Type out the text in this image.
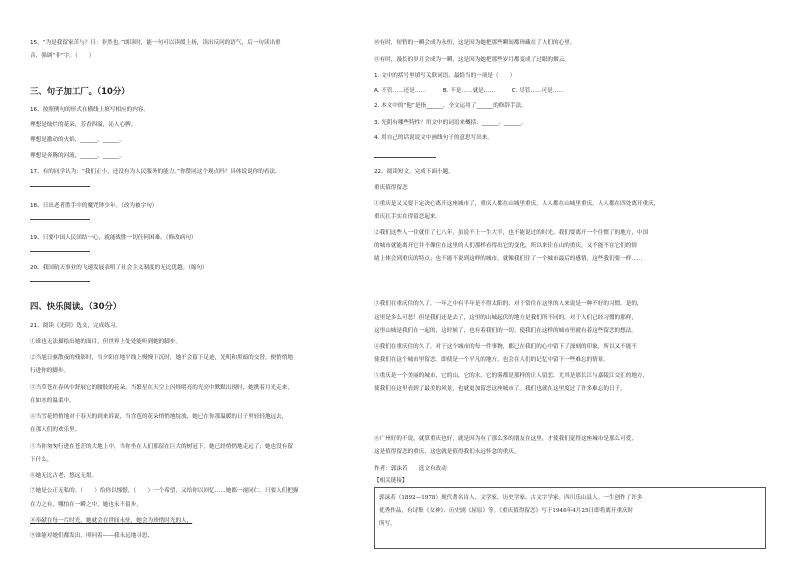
15、“为是我留家苦与？日：非然也。”朗读时，能一句可以读缓上扬，读出反问的语气，后一句读出重
音，强调“非”字。（　　）
三、句子加工厂。（10分）
16、按照例句的形式在横线上填写相应的内容。
理想是灿烂的花朵，芳香四溢，沁人心脾。
理想是激动的火焰，______，______。
理想是奔腾的河流，______，______。
17、有的同学认为：“我们正小，还没有为人民服务的能力。”你赞同这个观点吗？具体说说你的看法。
18、日出老者胜手中的魔咒钟少年。（改为被字句）
19、只要中国人民团结一心，就能战胜一切任何困难。（修改病句）
20、我国航天事业的飞速发展表明了社会主义制度的无比优越。（缩句）
四、快乐阅读。（30分）
21、阅读《光阴》选文，完成练习。
①谁也无法描绘出她的面目，但世界上处处能听到她的脚步。
②当旭日驱散夜的残影时，当夕阳在地平线上慢慢下沉时，她不会留下足迹，光明和黑暗的交替，便悄悄地
行进你的脚步。
③当草苍在春风中舒展它的腰肢的花朵，当繁星在天空上闪烁明亮的光亮中默默出现时，她携着月光走来，
在如水的温柔中，
④当雪花悄悄地对于春天的到来诉说，当含苞的花朵悄悄地绽放，她已在你那温暖的日子里轻轻地远去，
在那人们的欢乐里。
⑤当你匆匆行进在苍茫的大地上中，当你坐在人们那留在巨大的树冠下，她已经悄悄地走远了；她也没有留
下什么。
⑥她无比古老，悠远无垠。
⑦她是公正无私的。（　　）给你以憧憬，（　　）一个希望，又给你以回忆……她都一视同仁。只要人们把握
在力之有，哪怕在一瞬之中，她也永不留步，
⑧奉献在每一片时光，她就会在世间永驻，她会为珍惜时光的人，
⑨谁能对她们都发出，叩问着——我永远地寻思，
⑩有时，短暂的一瞬会成为永恒，这是因为她把那些瞬间都珍藏在了人们的心里。
⑪有时，漫长的岁月会成为一瞬，这是因为她把那些岁月都变成了过眼的烟云。
1. 文中的括号里填写关联词语，最恰当的一项是（　　）
A. 不管……还是……　　　B. 不是……就是……　　　C. 尽管……可是……
2. 本文中的“他”是指______，全文运用了______的修辞手法。
3. 光阴有哪些特性？用文中的词语来概括：______、______。
4. 用自己的话说说文中画线句子的意思写出来。
22、阅读短文，完成下面小题。
重庆值得留恋
①重庆是又又要下定决心离开这座城市了，重庆人都在山城里重庆，人人都在山城里重庆，人人都在四处离开重庆，
重庆扛手实在得留恋起来。
②我们这些人一住就住了七八年，虽说不上一生大半，也不能说过的时光。我们要离开一个住惯了的地方，中国
的城市就能离开它并不像住在这里的人们那样看得出它的变化，所以来住在山的重庆，又不能不在它们的情
绪上体会到重庆的特点；也不能不说到这样的城市，就像我们住了一个城市最后的感情，这些我们要一样……
③我们在重庆住的久了，一年之中有半年是不得太阳的，对于常住在这里的人来说是一种不好的习惯。是的，
这里是多么可恶！但是我们还是去了，这里的山城起伏的地方是我们所不同的。对于人们已经习惯的那样，
这里山城是我们在一起的，这时候了，也有着我们的一切。使我们在这样的城市里就有着这些留恋的想法。
④我们在重庆住的久了，对于这个城市的每一件事物，都已在我们的心中留下了深刻的印象，所以又不能不
使我们在这个城市里留恋。即使是一个平凡的地方，也会在人们的记忆中留下一些难忘的情景。
⑤重庆是一个美丽的城市，它的山，它的水，它的雾都是那样的让人留恋，尤其是那长江与嘉陵江交汇的地方，
使我们在这里看到了最美的风景，也就更加留恋这座城市了。我们也就在这里度过了许多难忘的日子。
⑥广州好的不说，就算重庆也好，就是因为有了那么多的朋友在这里，才使我们觉得这座城市是那么可爱，
这是值得留恋的重庆，这也就是值得我们永远怀念的重庆。
作者：郭沫若　　选文有改动
【相关链接】
郭沫若（1892—1978）现代著名诗人、文学家、历史学家、古文字学家。四川乐山县人。一生创作了许多
优秀作品，有诗集《女神》、历史剧《屈原》等。《重庆值得留恋》写于1946年4月25日即将离开重庆时
所写。
